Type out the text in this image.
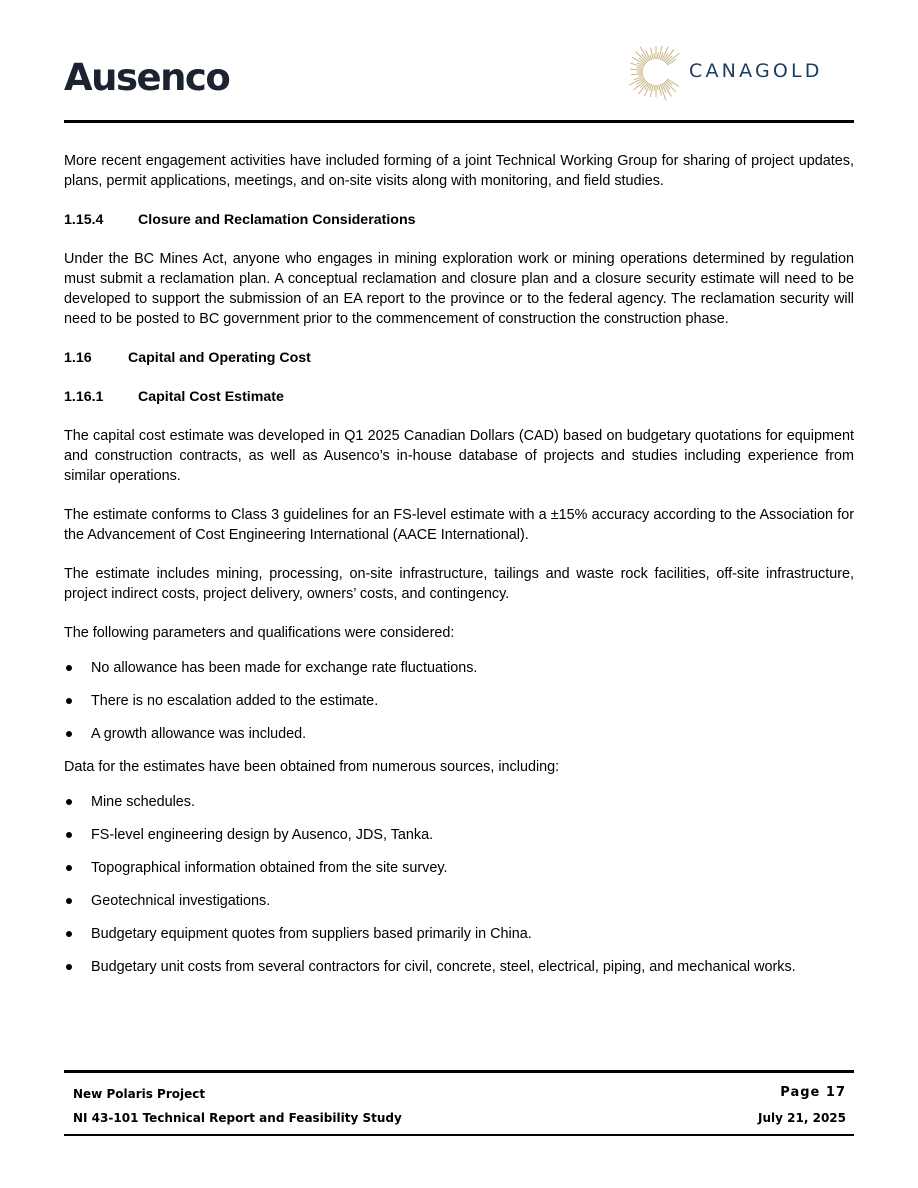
Ausenco	CANAGOLD

More recent engagement activities have included forming of a joint Technical Working Group for sharing of project updates, plans, permit applications, meetings, and on-site visits along with monitoring, and field studies.

1.15.4 Closure and Reclamation Considerations

Under the BC Mines Act, anyone who engages in mining exploration work or mining operations determined by regulation must submit a reclamation plan. A conceptual reclamation and closure plan and a closure security estimate will need to be developed to support the submission of an EA report to the province or to the federal agency. The reclamation security will need to be posted to BC government prior to the commencement of construction the construction phase.

1.16	Capital and Operating Cost
1.16.1 Capital Cost Estimate

The capital cost estimate was developed in Q1 2025 Canadian Dollars (CAD) based on budgetary quotations for equipment and construction contracts, as well as Ausenco’s in-house database of projects and studies including experience from similar operations.

The estimate conforms to Class 3 guidelines for an FS-level estimate with a ±15% accuracy according to the Association for the Advancement of Cost Engineering International (AACE International).

The estimate includes mining, processing, on-site infrastructure, tailings and waste rock facilities, off-site infrastructure, project indirect costs, project delivery, owners’ costs, and contingency.

The following parameters and qualifications were considered:

No allowance has been made for exchange rate fluctuations.
There is no escalation added to the estimate.
A growth allowance was included.

Data for the estimates have been obtained from numerous sources, including:

Mine schedules.
FS-level engineering design by Ausenco, JDS, Tanka.
Topographical information obtained from the site survey.
Geotechnical investigations.
Budgetary equipment quotes from suppliers based primarily in China.
Budgetary unit costs from several contractors for civil, concrete, steel, electrical, piping, and mechanical works.
New Polaris Project
NI 43-101 Technical Report and Feasibility Study
Page 17
July 21, 2025
